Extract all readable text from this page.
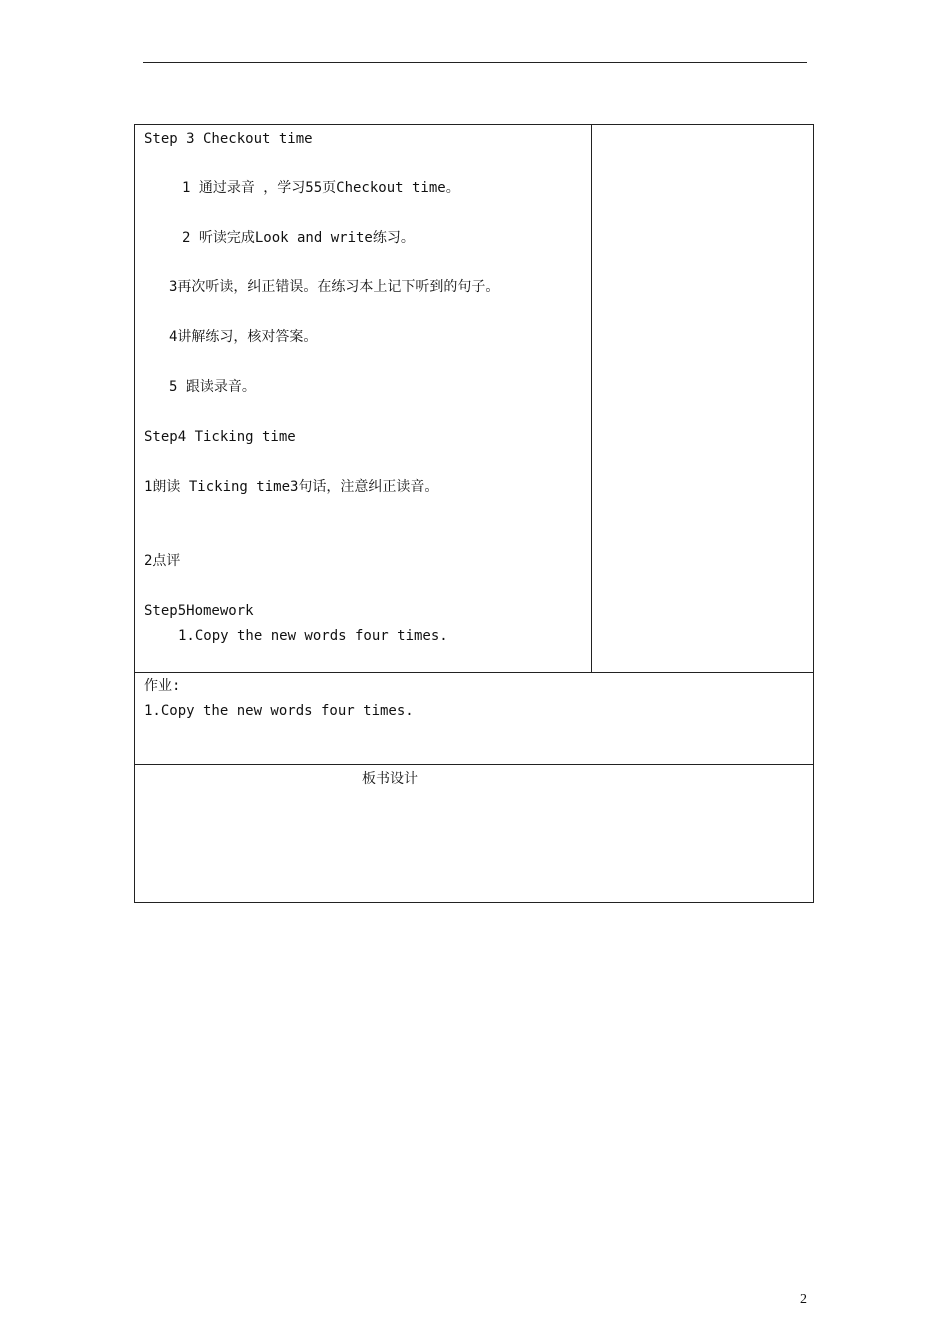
Step 3 Checkout time
1 通过录音 ，学习55页Checkout time。
2 听读完成Look and write练习。
3再次听读，纠正错误。在练习本上记下听到的句子。
4讲解练习，核对答案。
5 跟读录音。
Step4 Ticking time
1朗读 Ticking time3句话，注意纠正读音。
2点评
Step5Homework
1.Copy the new words four times.
作业:
1.Copy the new words four times.
板书设计
2
